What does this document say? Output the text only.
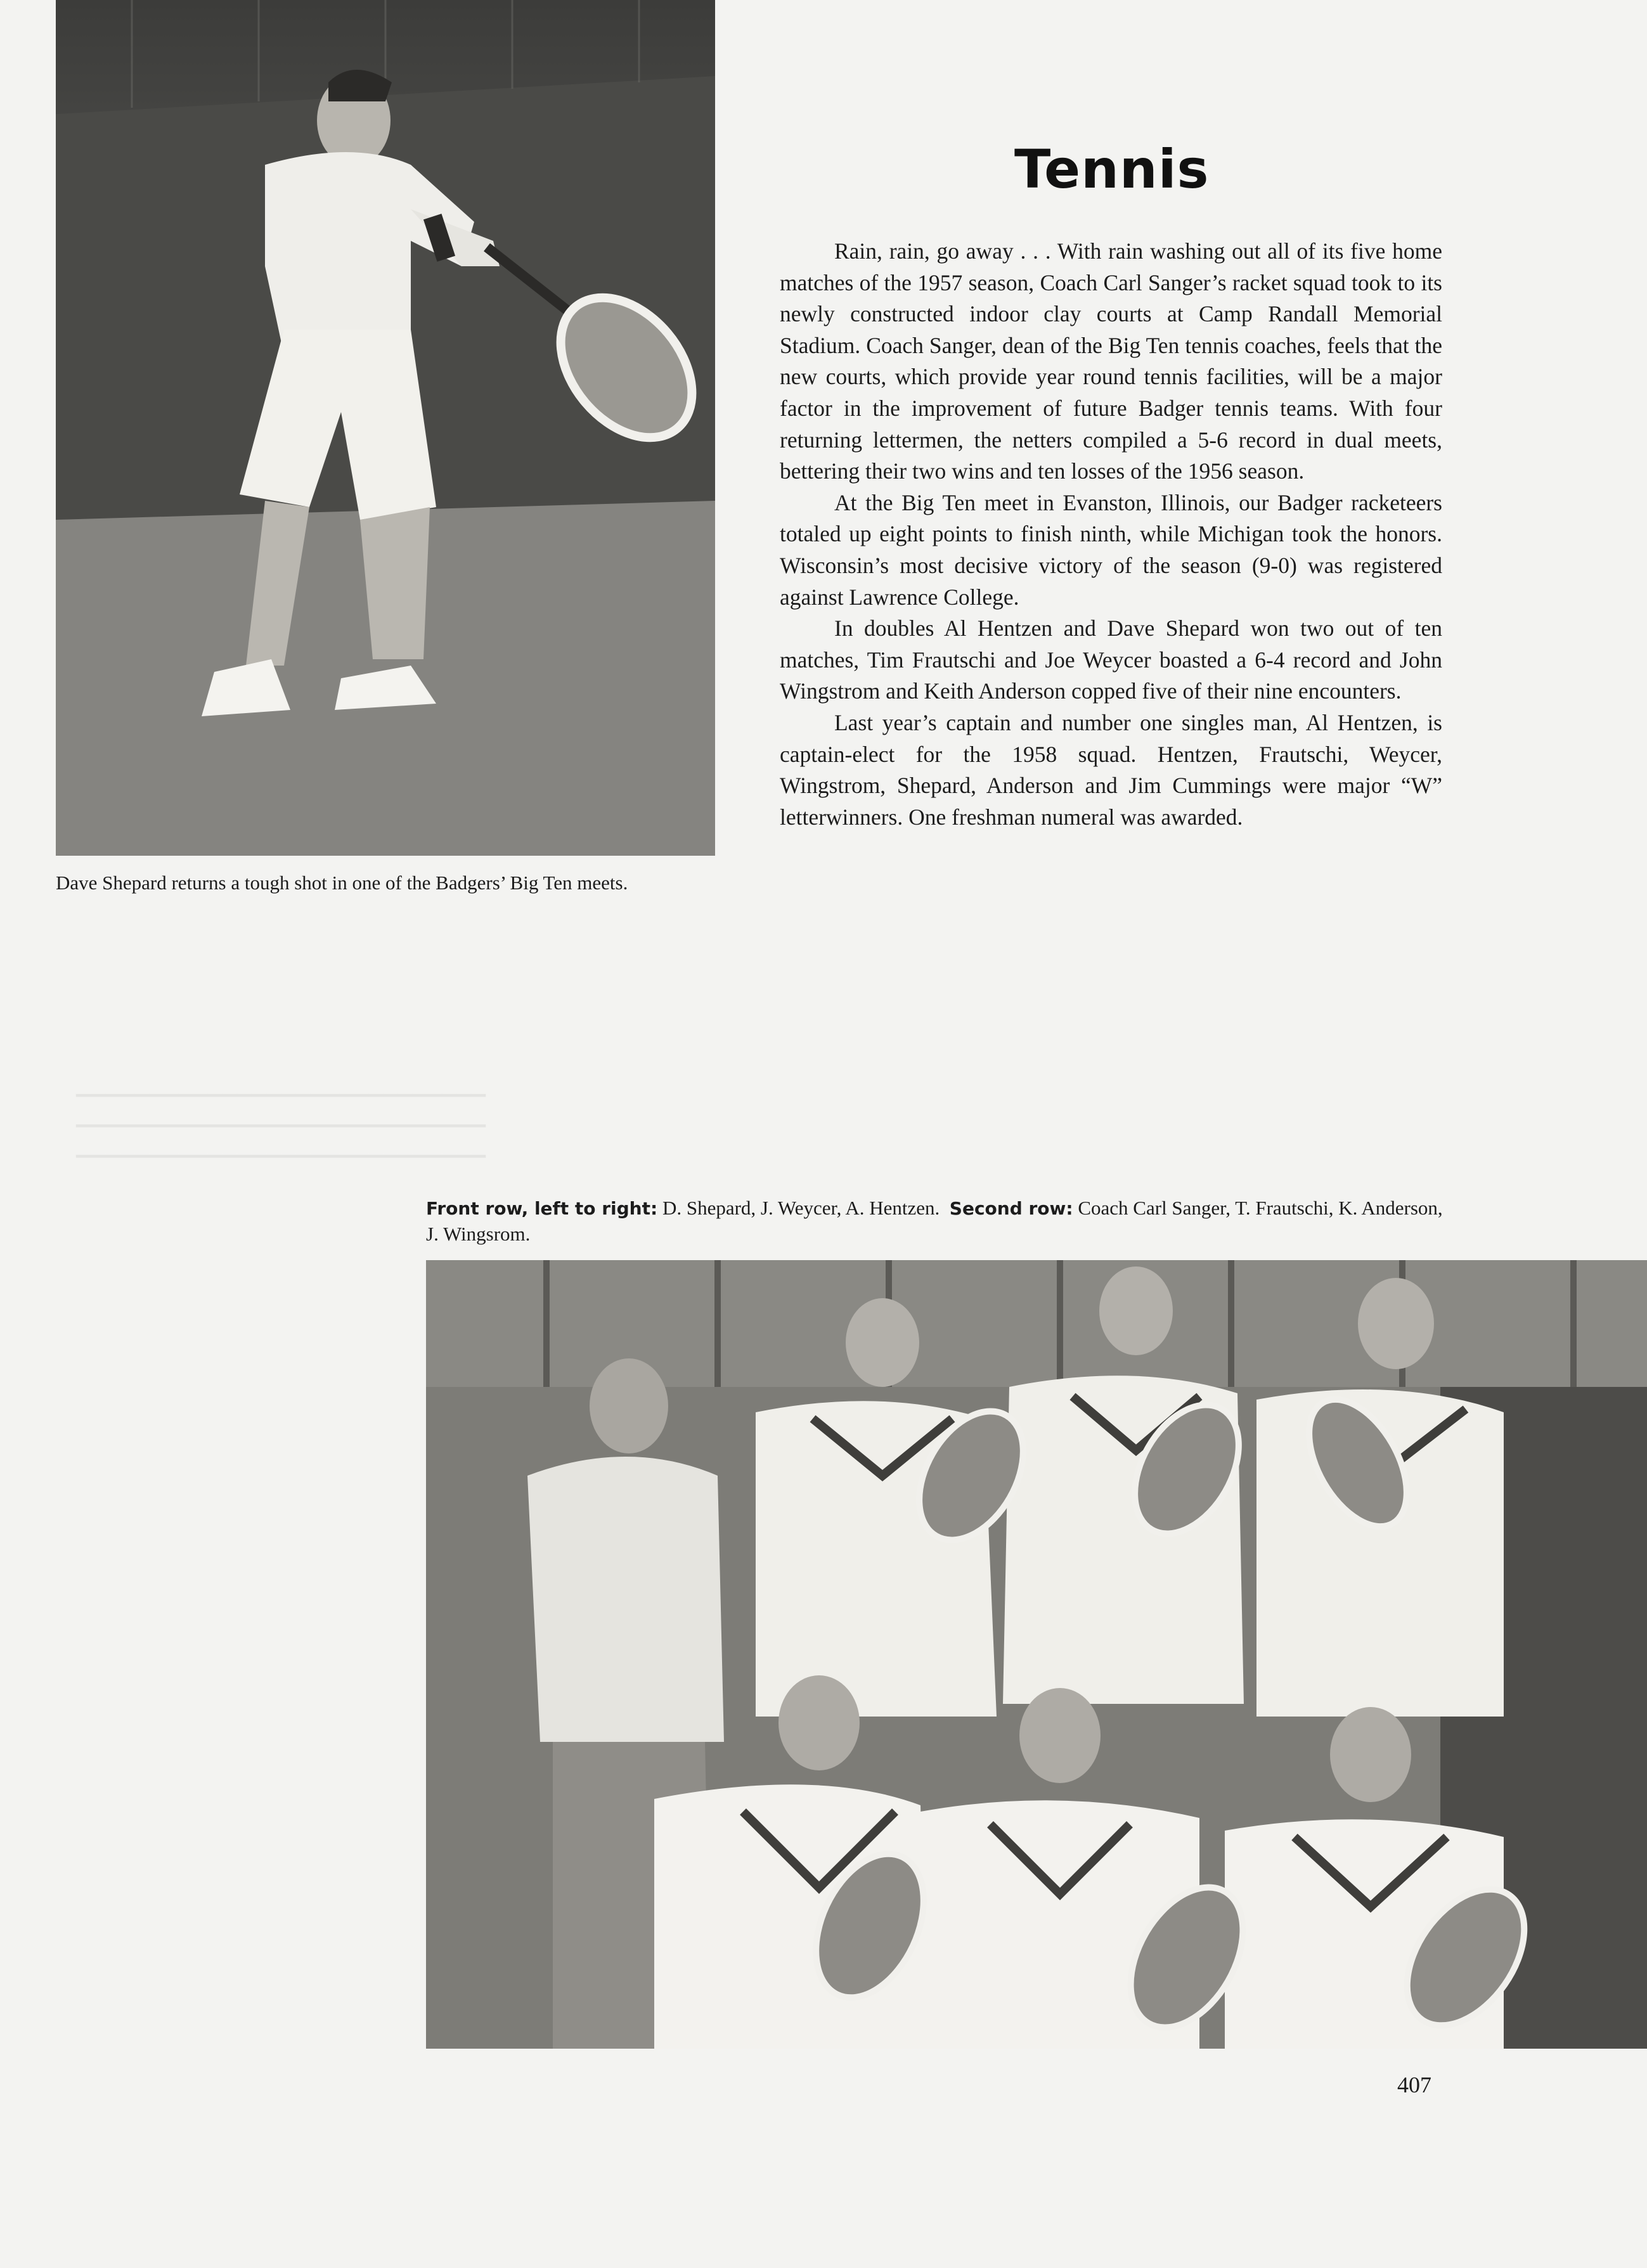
▁▁▁▁▁▁▁▁▁▁▁▁▁▁▁▁▁▁▁▁▁▁▁▁▁▁▁▁
▁▁▁▁▁▁▁▁▁▁▁▁▁▁▁▁▁▁▁▁▁▁▁▁▁▁▁▁
▁▁▁▁▁▁▁▁▁▁▁▁▁▁▁▁▁▁▁▁▁▁▁▁▁▁▁▁
Dave Shepard returns a tough shot in one of the Badgers’ Big Ten meets.
Tennis

Rain, rain, go away . . . With rain washing out all of its five home matches of the 1957 season, Coach Carl Sanger’s racket squad took to its newly constructed indoor clay courts at Camp Randall Memorial Stadium. Coach Sanger, dean of the Big Ten tennis coaches, feels that the new courts, which provide year round tennis facilities, will be a major factor in the improvement of future Badger tennis teams. With four returning lettermen, the netters compiled a 5-6 record in dual meets, bettering their two wins and ten losses of the 1956 season.

At the Big Ten meet in Evanston, Illinois, our Badger racketeers totaled up eight points to finish ninth, while Michigan took the honors. Wisconsin’s most decisive victory of the season (9-0) was registered against Lawrence College.

In doubles Al Hentzen and Dave Shepard won two out of ten matches, Tim Frautschi and Joe Weycer boasted a 6-4 record and John Wingstrom and Keith Anderson copped five of their nine encounters.

Last year’s captain and number one singles man, Al Hentzen, is captain-elect for the 1958 squad. Hentzen, Frautschi, Weycer, Wingstrom, Shepard, Anderson and Jim Cummings were major “W” letterwinners. One freshman numeral was awarded.

Front row, left to right: D. Shepard, J. Weycer, A. Hentzen. Second row: Coach Carl Sanger, T. Frautschi, K. Anderson, J. Wingsrom.
407
